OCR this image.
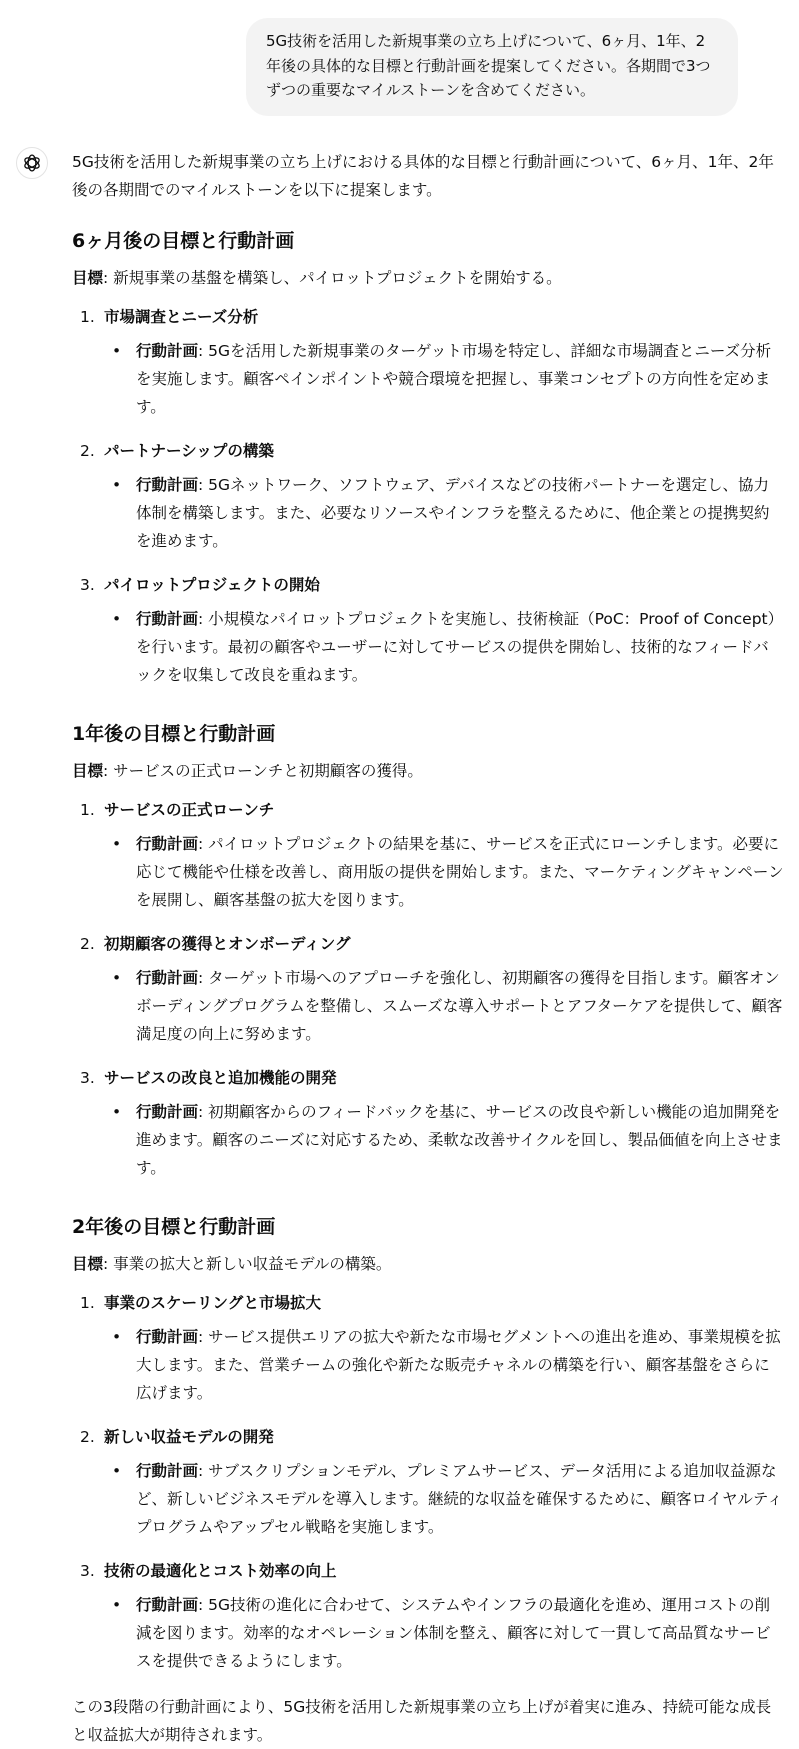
5G技術を活用した新規事業の立ち上げについて、6ヶ月、1年、2年後の具体的な目標と行動計画を提案してください。各期間で3つずつの重要なマイルストーンを含めてください。

5G技術を活用した新規事業の立ち上げにおける具体的な目標と行動計画について、6ヶ月、1年、2年後の各期間でのマイルストーンを以下に提案します。

6ヶ月後の目標と行動計画

目標: 新規事業の基盤を構築し、パイロットプロジェクトを開始する。

1. 市場調査とニーズ分析
• 行動計画: 5Gを活用した新規事業のターゲット市場を特定し、詳細な市場調査とニーズ分析を実施します。顧客ペインポイントや競合環境を把握し、事業コンセプトの方向性を定めます。
2. パートナーシップの構築
• 行動計画: 5Gネットワーク、ソフトウェア、デバイスなどの技術パートナーを選定し、協力体制を構築します。また、必要なリソースやインフラを整えるために、他企業との提携契約を進めます。
3. パイロットプロジェクトの開始
• 行動計画: 小規模なパイロットプロジェクトを実施し、技術検証（PoC：Proof of Concept）を行います。最初の顧客やユーザーに対してサービスの提供を開始し、技術的なフィードバックを収集して改良を重ねます。
1年後の目標と行動計画

目標: サービスの正式ローンチと初期顧客の獲得。

1. サービスの正式ローンチ
• 行動計画: パイロットプロジェクトの結果を基に、サービスを正式にローンチします。必要に応じて機能や仕様を改善し、商用版の提供を開始します。また、マーケティングキャンペーンを展開し、顧客基盤の拡大を図ります。
2. 初期顧客の獲得とオンボーディング
• 行動計画: ターゲット市場へのアプローチを強化し、初期顧客の獲得を目指します。顧客オンボーディングプログラムを整備し、スムーズな導入サポートとアフターケアを提供して、顧客満足度の向上に努めます。
3. サービスの改良と追加機能の開発
• 行動計画: 初期顧客からのフィードバックを基に、サービスの改良や新しい機能の追加開発を進めます。顧客のニーズに対応するため、柔軟な改善サイクルを回し、製品価値を向上させます。
2年後の目標と行動計画

目標: 事業の拡大と新しい収益モデルの構築。

1. 事業のスケーリングと市場拡大
• 行動計画: サービス提供エリアの拡大や新たな市場セグメントへの進出を進め、事業規模を拡大します。また、営業チームの強化や新たな販売チャネルの構築を行い、顧客基盤をさらに広げます。
2. 新しい収益モデルの開発
• 行動計画: サブスクリプションモデル、プレミアムサービス、データ活用による追加収益源など、新しいビジネスモデルを導入します。継続的な収益を確保するために、顧客ロイヤルティプログラムやアップセル戦略を実施します。
3. 技術の最適化とコスト効率の向上
• 行動計画: 5G技術の進化に合わせて、システムやインフラの最適化を進め、運用コストの削減を図ります。効率的なオペレーション体制を整え、顧客に対して一貫して高品質なサービスを提供できるようにします。

この3段階の行動計画により、5G技術を活用した新規事業の立ち上げが着実に進み、持続可能な成長と収益拡大が期待されます。
